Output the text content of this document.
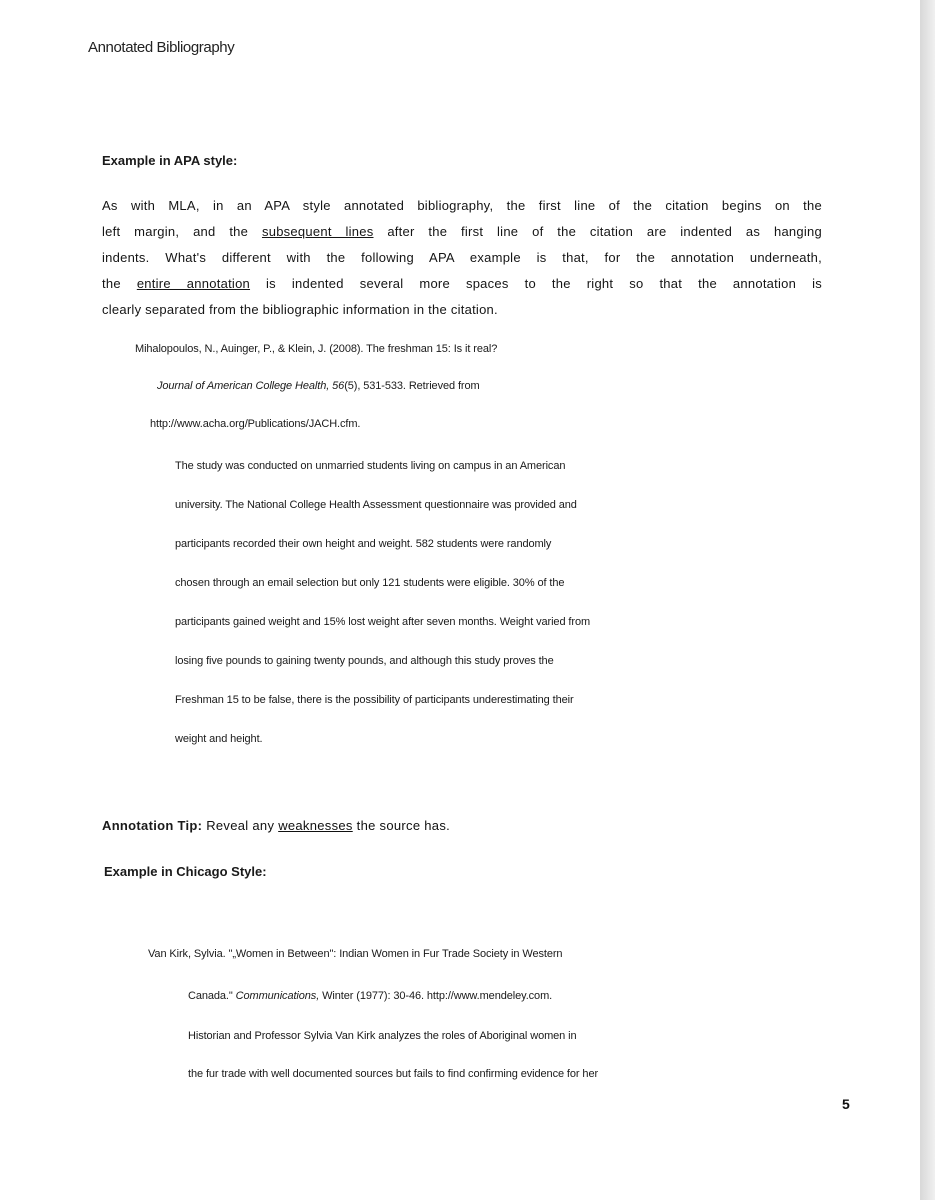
Annotated Bibliography
Example in APA style:
As with MLA, in an APA style annotated bibliography, the first line of the citation begins on the
left margin, and the subsequent lines after the first line of the citation are indented as hanging
indents. What's different with the following APA example is that, for the annotation underneath,
the entire annotation is indented several more spaces to the right so that the annotation is
clearly separated from the bibliographic information in the citation.
Mihalopoulos, N., Auinger, P., & Klein, J. (2008). The freshman 15: Is it real?
Journal of American College Health, 56(5), 531-533. Retrieved from
http://www.acha.org/Publications/JACH.cfm.
The study was conducted on unmarried students living on campus in an American
university. The National College Health Assessment questionnaire was provided and
participants recorded their own height and weight. 582 students were randomly
chosen through an email selection but only 121 students were eligible. 30% of the
participants gained weight and 15% lost weight after seven months. Weight varied from
losing five pounds to gaining twenty pounds, and although this study proves the
Freshman 15 to be false, there is the possibility of participants underestimating their
weight and height.
Annotation Tip: Reveal any weaknesses the source has.
Example in Chicago Style:
Van Kirk, Sylvia. "„Women in Between": Indian Women in Fur Trade Society in Western
Canada." Communications, Winter (1977): 30-46. http://www.mendeley.com.
Historian and Professor Sylvia Van Kirk analyzes the roles of Aboriginal women in
the fur trade with well documented sources but fails to find confirming evidence for her
5
